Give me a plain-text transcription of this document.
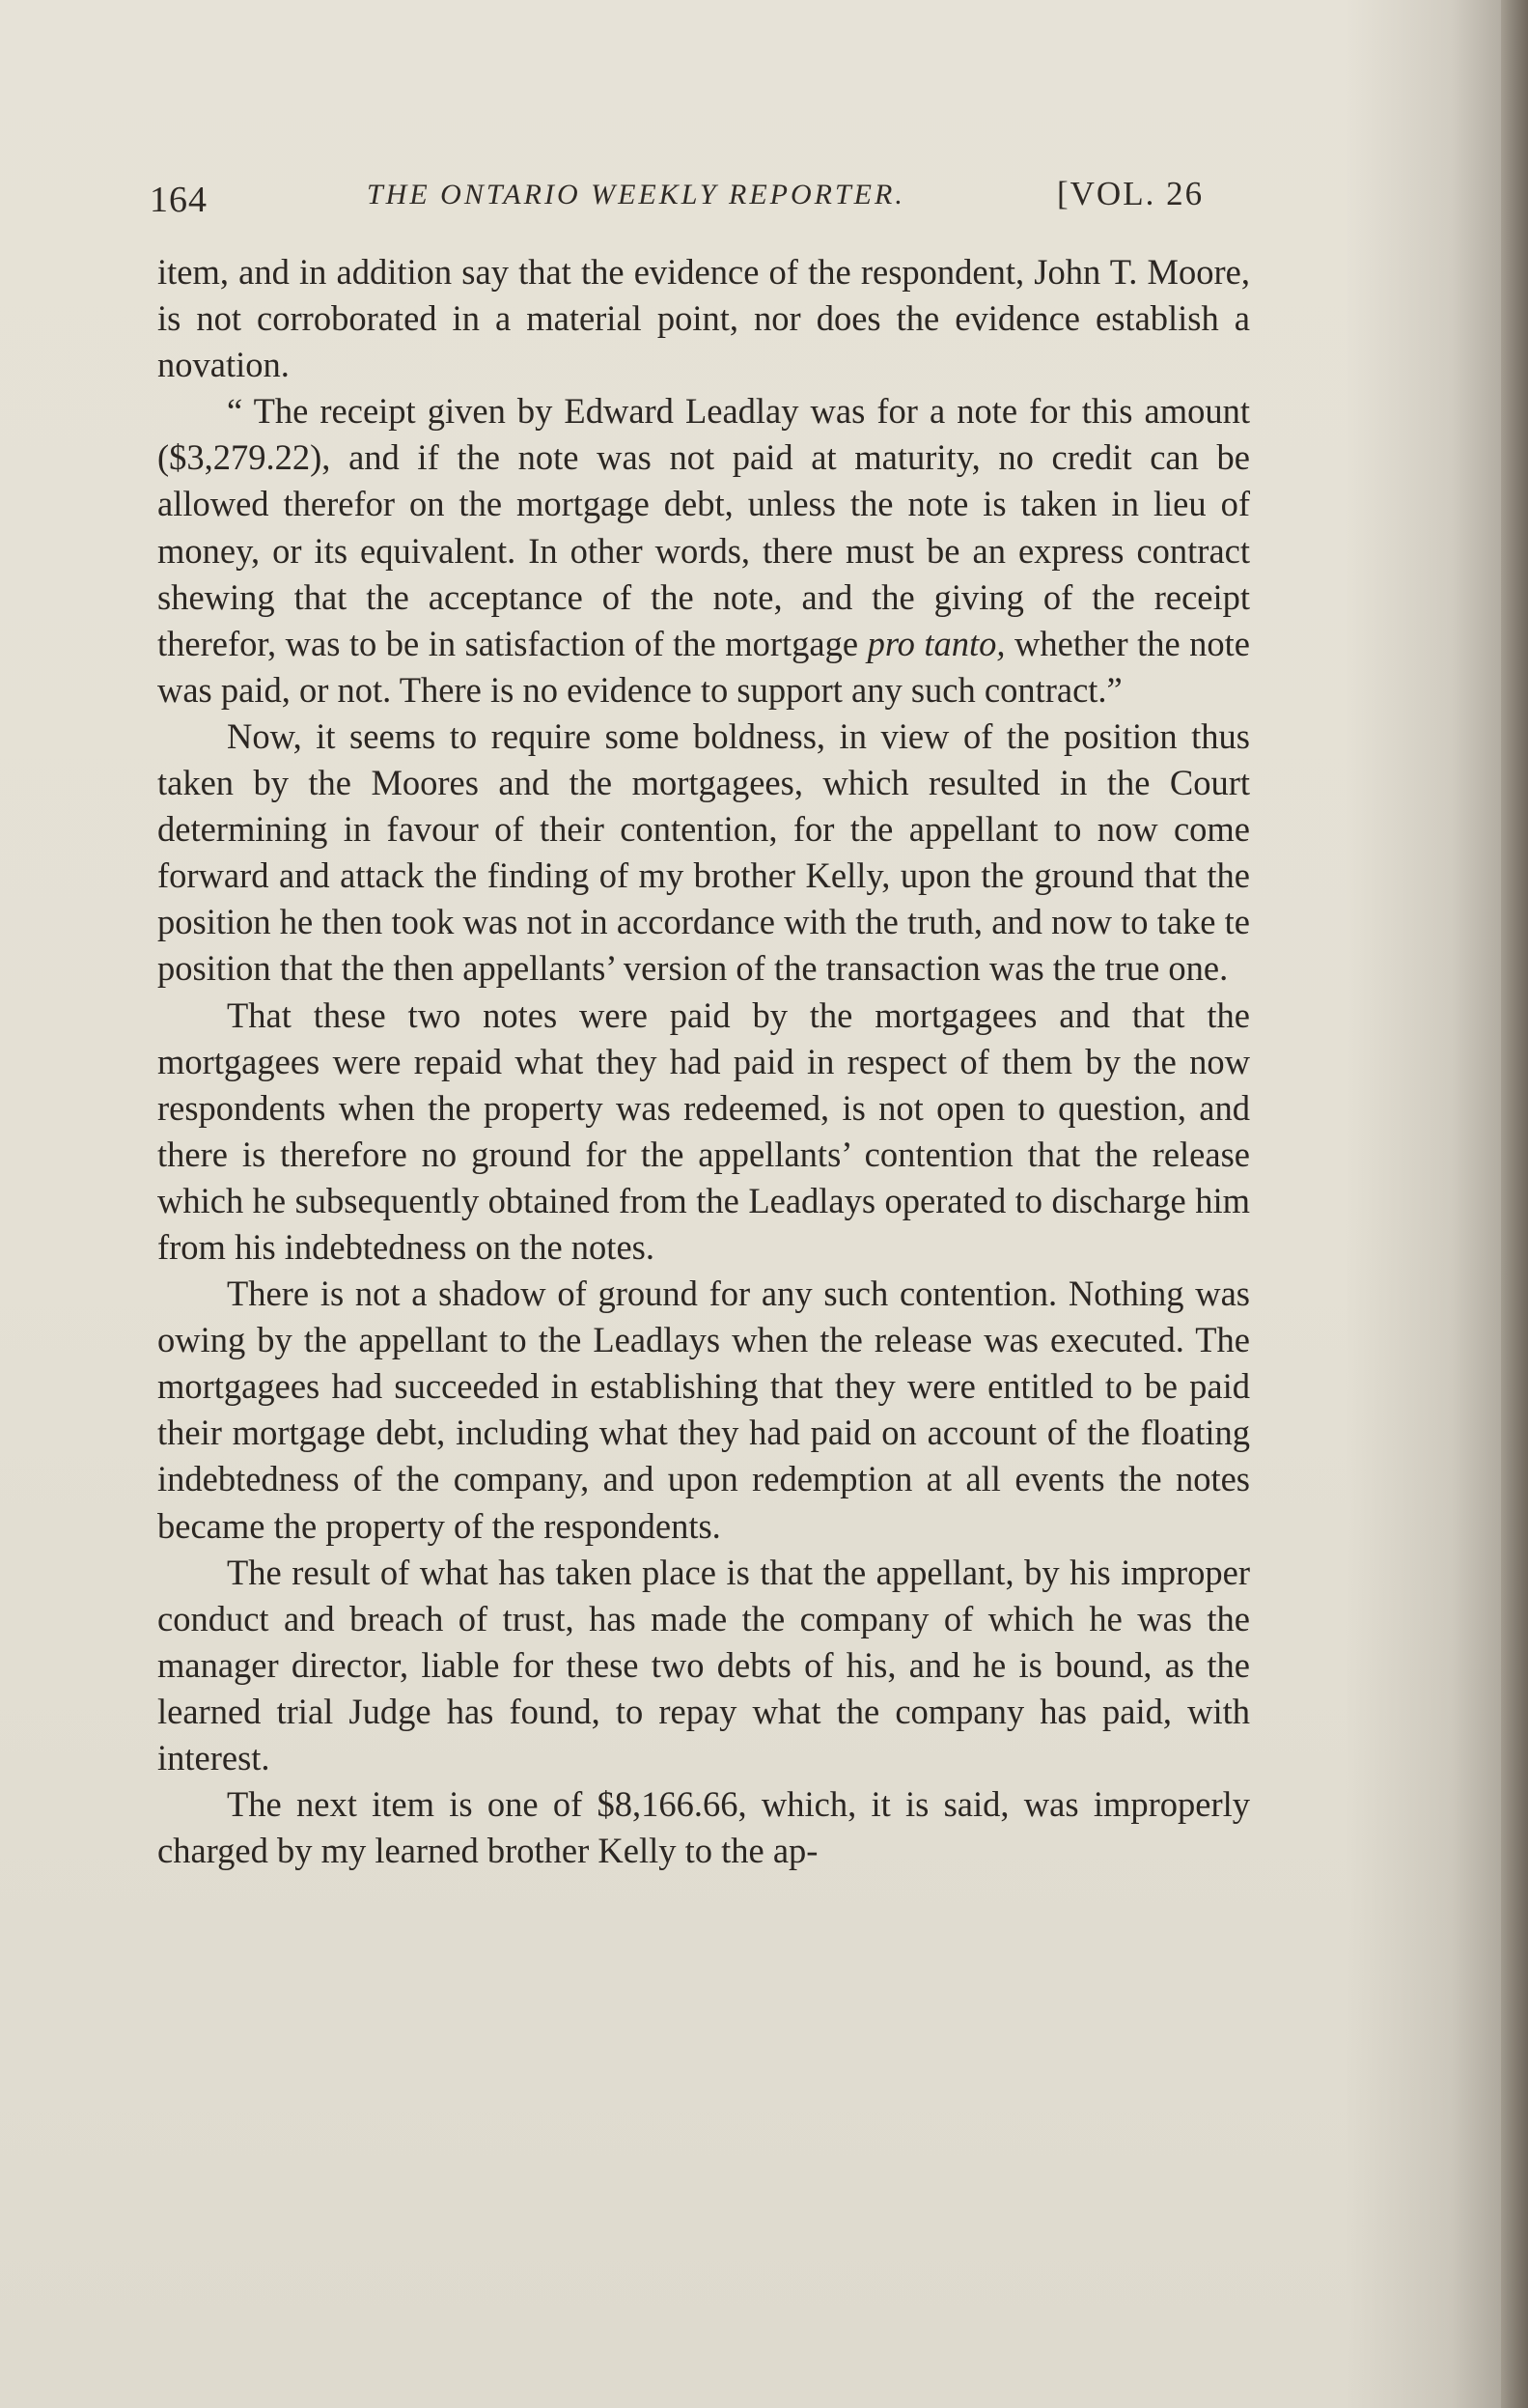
164	THE ONTARIO WEEKLY REPORTER.	[VOL. 26

item, and in addition say that the evidence of the respondent, John T. Moore, is not corroborated in a material point, nor does the evidence establish a novation.

“ The receipt given by Edward Leadlay was for a note for this amount ($3,279.22), and if the note was not paid at maturity, no credit can be allowed therefor on the mortgage debt, unless the note is taken in lieu of money, or its equivalent. In other words, there must be an express contract shewing that the acceptance of the note, and the giving of the receipt therefor, was to be in satisfaction of the mortgage pro tanto, whether the note was paid, or not. There is no evidence to support any such contract.”

Now, it seems to require some boldness, in view of the position thus taken by the Moores and the mortgagees, which resulted in the Court determining in favour of their contention, for the appellant to now come forward and attack the finding of my brother Kelly, upon the ground that the position he then took was not in accordance with the truth, and now to take te position that the then appellants’ version of the transaction was the true one.

That these two notes were paid by the mortgagees and that the mortgagees were repaid what they had paid in respect of them by the now respondents when the property was redeemed, is not open to question, and there is therefore no ground for the appellants’ contention that the release which he subsequently obtained from the Leadlays operated to discharge him from his indebtedness on the notes.

There is not a shadow of ground for any such contention. Nothing was owing by the appellant to the Leadlays when the release was executed. The mortgagees had succeeded in establishing that they were entitled to be paid their mortgage debt, including what they had paid on account of the floating indebtedness of the company, and upon redemption at all events the notes became the property of the respondents.

The result of what has taken place is that the appellant, by his improper conduct and breach of trust, has made the company of which he was the manager director, liable for these two debts of his, and he is bound, as the learned trial Judge has found, to repay what the company has paid, with interest.

The next item is one of $8,166.66, which, it is said, was improperly charged by my learned brother Kelly to the ap-
